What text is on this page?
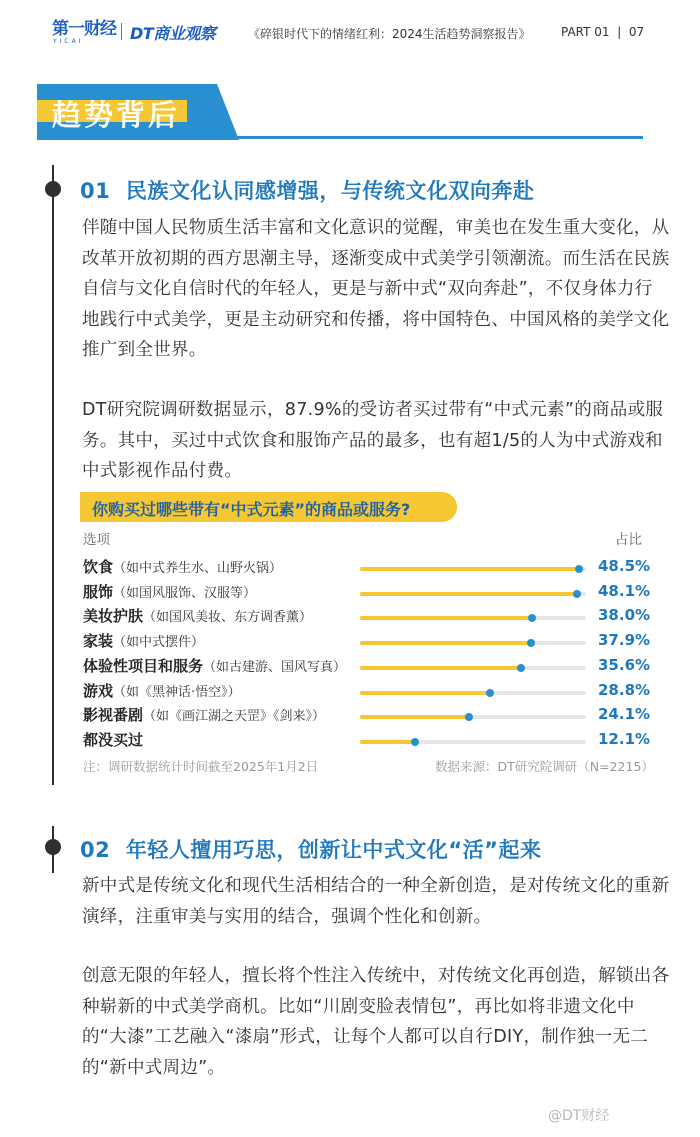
第一财经
YICAI	DT商业观察	《碎银时代下的情绪红利：2024生活趋势洞察报告》	PART 01  |  07
趋势背后
01 民族文化认同感增强，与传统文化双向奔赴
伴随中国人民物质生活丰富和文化意识的觉醒，审美也在发生重大变化，从改革开放初期的西方思潮主导，逐渐变成中式美学引领潮流。而生活在民族自信与文化自信时代的年轻人，更是与新中式“双向奔赴”，不仅身体力行地践行中式美学，更是主动研究和传播，将中国特色、中国风格的美学文化推广到全世界。
DT研究院调研数据显示，87.9%的受访者买过带有“中式元素”的商品或服务。其中，买过中式饮食和服饰产品的最多，也有超1/5的人为中式游戏和中式影视作品付费。
你购买过哪些带有“中式元素”的商品或服务?
选项	占比
饮食（如中式养生水、山野火锅）	48.5%
服饰（如国风服饰、汉服等）	48.1%
美妆护肤（如国风美妆、东方调香薰）	38.0%
家装（如中式摆件）	37.9%
体验性项目和服务（如古建游、国风写真）	35.6%
游戏（如《黑神话·悟空》）	28.8%
影视番剧（如《画江湖之天罡》《剑来》）	24.1%
都没买过	12.1%
注：调研数据统计时间截至2025年1月2日	数据来源：DT研究院调研（N=2215）
02 年轻人擅用巧思，创新让中式文化“活”起来
新中式是传统文化和现代生活相结合的一种全新创造，是对传统文化的重新演绎，注重审美与实用的结合，强调个性化和创新。
创意无限的年轻人，擅长将个性注入传统中，对传统文化再创造，解锁出各种崭新的中式美学商机。比如“川剧变脸表情包”，再比如将非遗文化中的“大漆”工艺融入“漆扇”形式，让每个人都可以自行DIY，制作独一无二的“新中式周边”。
@DT财经
